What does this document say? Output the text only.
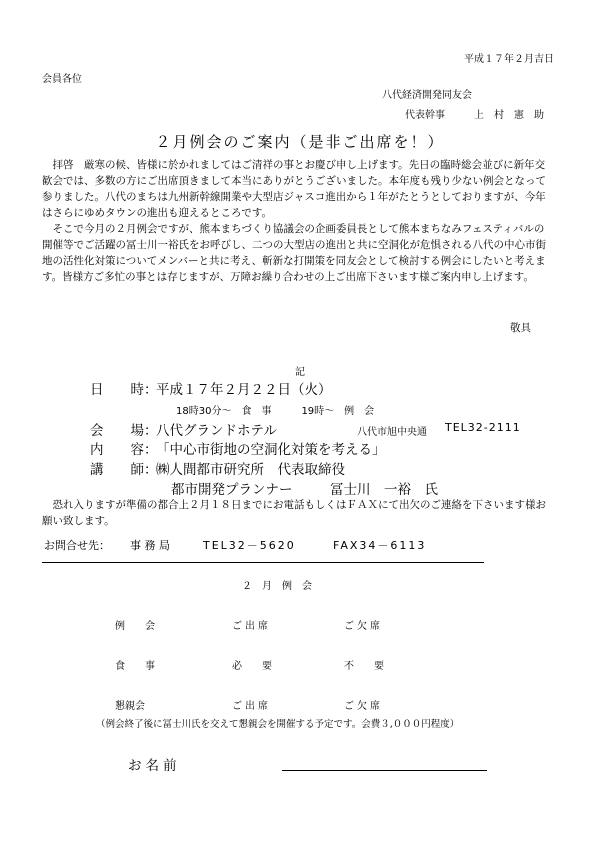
平成１７年２月吉日
会員各位
八代経済開発同友会
代表幹事	上　村　憲　助
２月例会のご案内（是非ご出席を！）

　拝啓　厳寒の候、皆様に於かれましてはご清祥の事とお慶び申し上げます。先日の臨時総会並びに新年交歓会では、多数の方にご出席頂きまして本当にありがとうございました。本年度も残り少ない例会となって参りました。八代のまちは九州新幹線開業や大型店ジャスコ進出から１年がたとうとしておりますが、今年はさらにゆめタウンの進出も迎えるところです。

　そこで今月の２月例会ですが、熊本まちづくり協議会の企画委員長として熊本まちなみフェスティバルの開催等でご活躍の冨士川一裕氏をお呼びし、二つの大型店の進出と共に空洞化が危惧される八代の中心市街地の活性化対策についてメンバーと共に考え、斬新な打開策を同友会として検討する例会にしたいと考えます。皆様方ご多忙の事とは存じますが、万障お繰り合わせの上ご出席下さいます様ご案内申し上げます。

敬具
記
日　　時：
平成１７年２月２２日（火）
18時30分～　食　事　　　19時～　例　会
会　　場：
八代グランドホテル	八代市旭中央通 TEL32-2111
内　　容：
「中心市街地の空洞化対策を考える」
講　　師：
㈱人間都市研究所　代表取締役
都市開発プランナー	冨士川　一裕　氏
　恐れ入りますが準備の都合上２月１８日までにお電話もしくはＦＡＸにて出欠のご連絡を下さいます様お願い致します。
お問合せ先： 事 務 局	TEL32－5620	FAX34－6113
２　月　例　会
例　　会	ご出席	ご欠席
食　　事	必　　要	不　　要
懇親会	ご出席	ご欠席
（例会終了後に冨士川氏を交えて懇親会を開催する予定です。会費３,０００円程度）
お名前
